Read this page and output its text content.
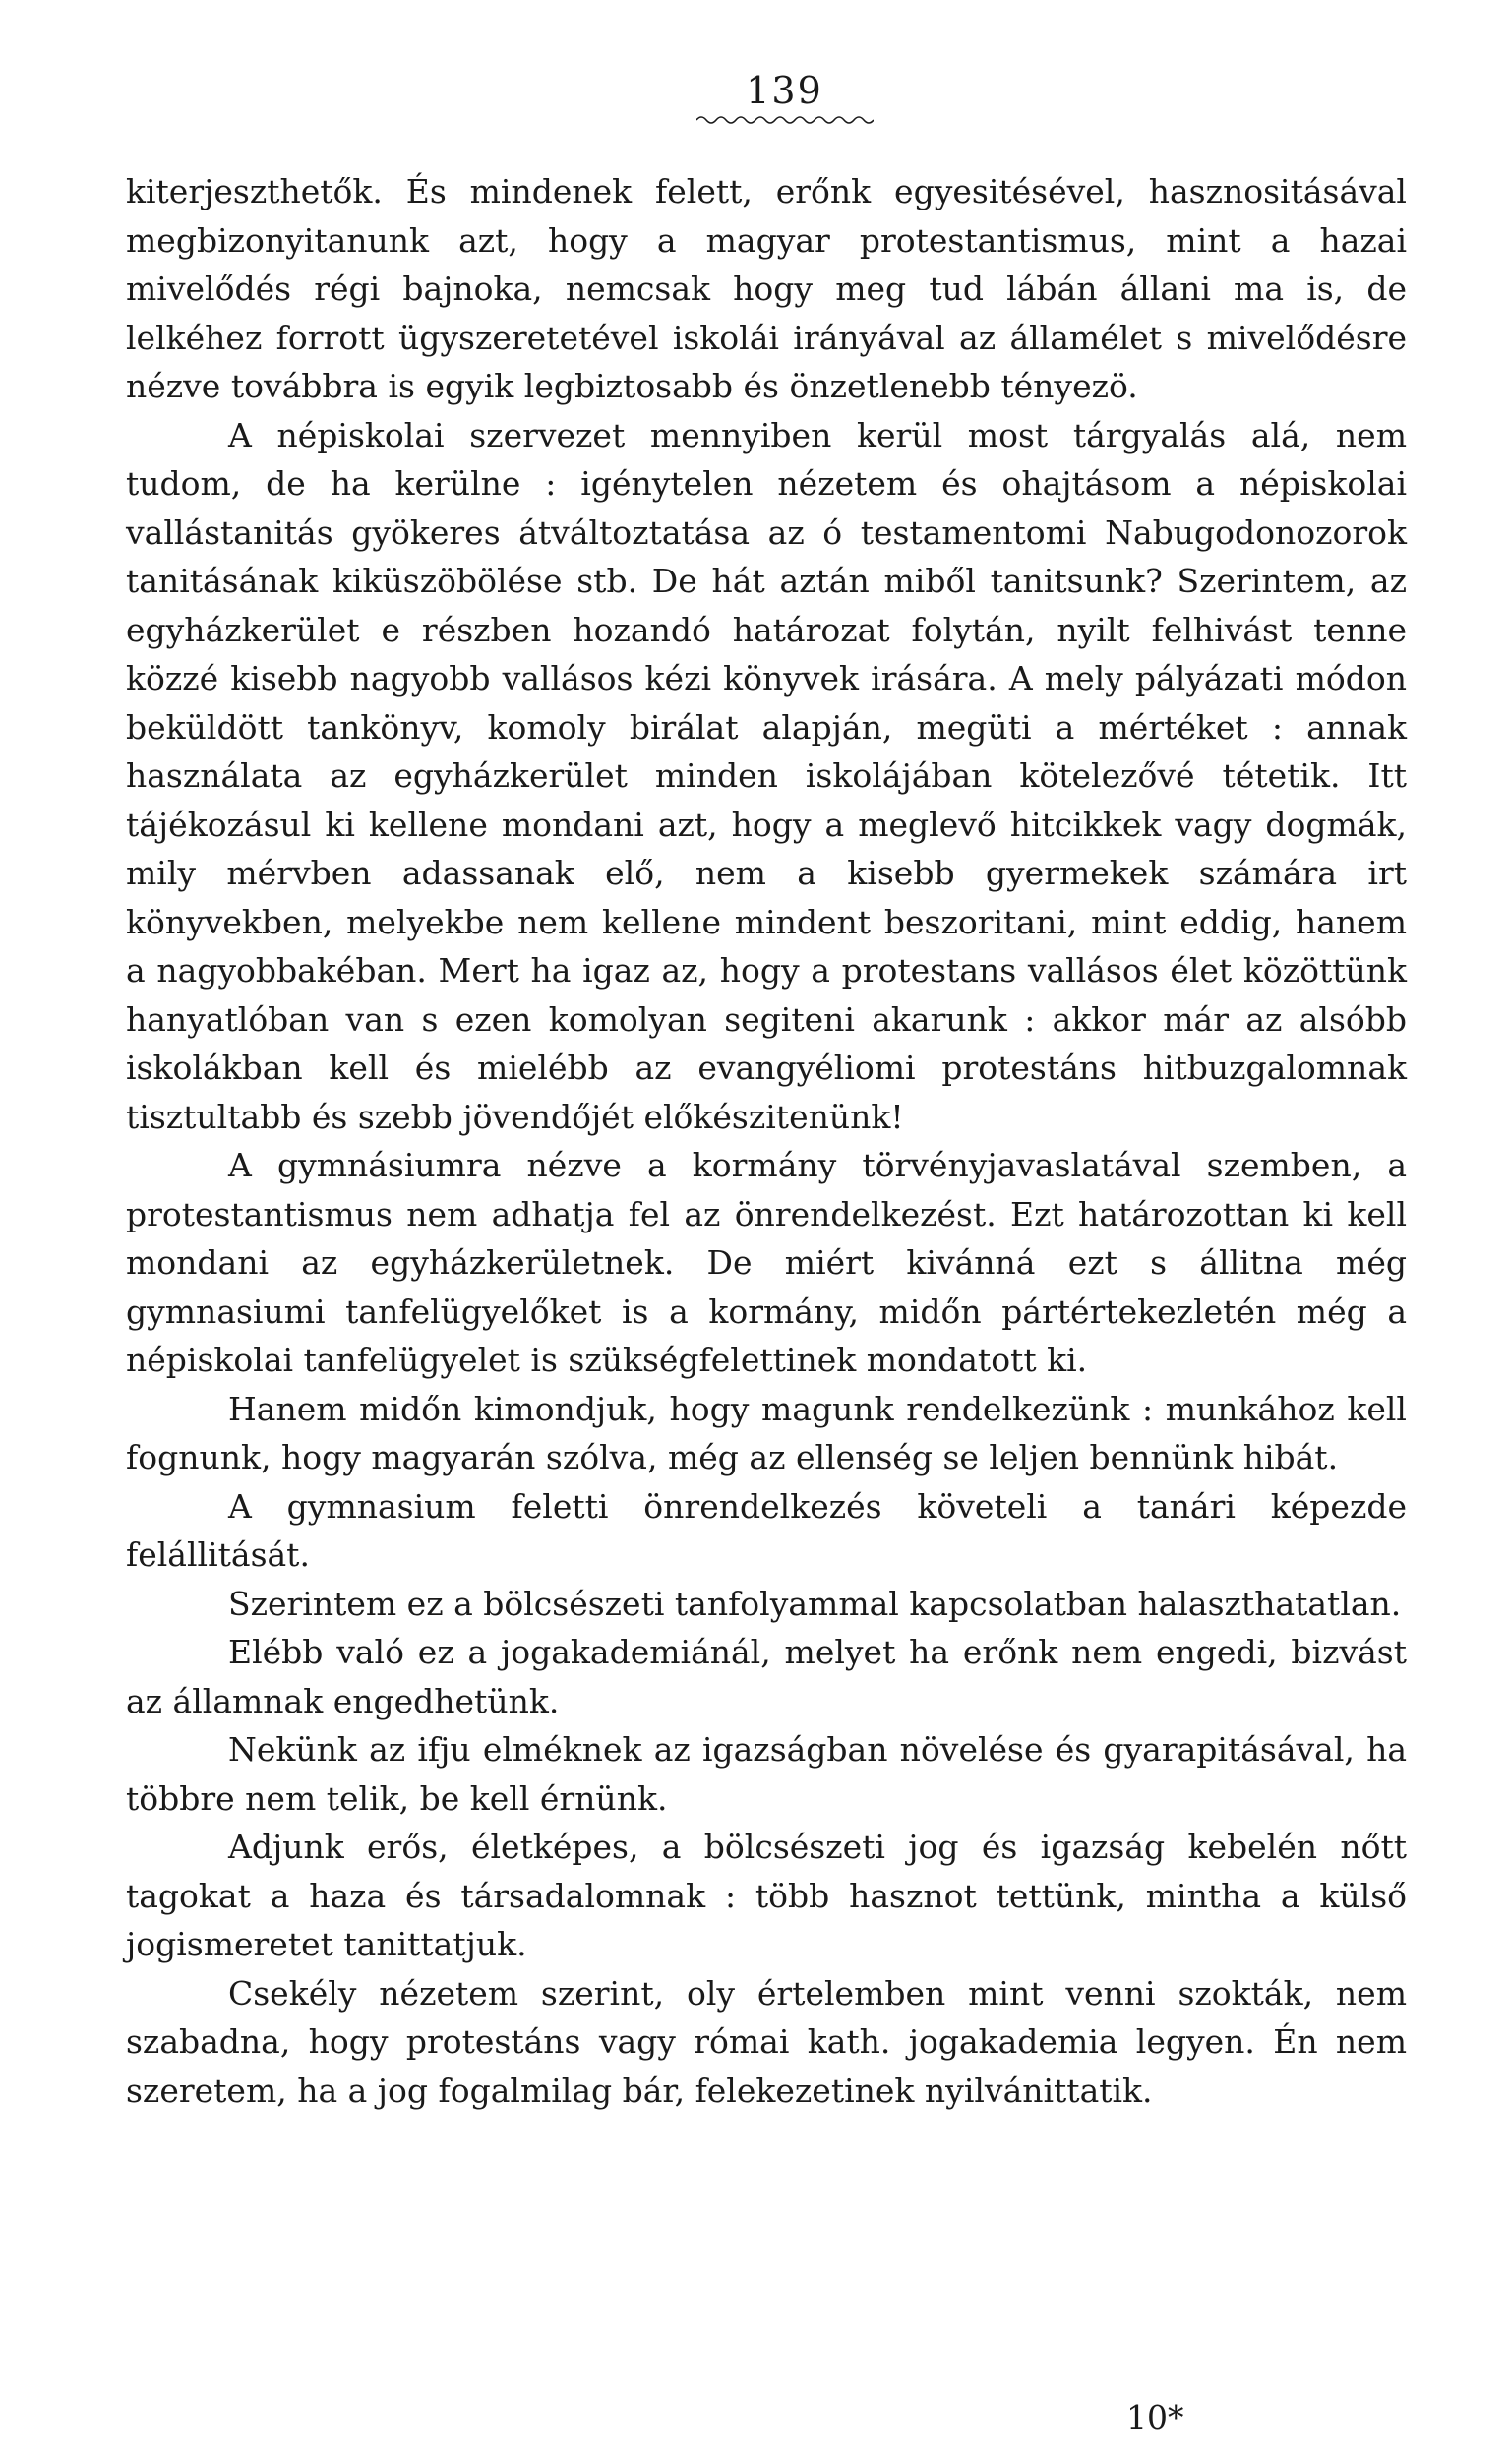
139

kiterjeszthetők. És mindenek felett, erőnk egyesitésével, hasznositásával megbizonyitanunk azt, hogy a magyar protestantismus, mint a hazai mivelődés régi bajnoka, nemcsak hogy meg tud lábán állani ma is, de lelkéhez forrott ügyszeretetével iskolái irányával az államélet s mivelődésre nézve továbbra is egyik legbiztosabb és önzetlenebb tényezö.

A népiskolai szervezet mennyiben kerül most tárgyalás alá, nem tudom, de ha kerülne : igénytelen nézetem és ohajtásom a népiskolai vallástanitás gyökeres átváltoztatása az ó testamentomi Nabugodonozorok tanitásának kiküszöbölése stb. De hát aztán miből tanitsunk? Szerintem, az egyházkerület e részben hozandó határozat folytán, nyilt felhivást tenne közzé kisebb nagyobb vallásos kézi könyvek irására. A mely pályázati módon beküldött tankönyv, komoly birálat alapján, megüti a mértéket : annak használata az egyházkerület minden iskolájában kötelezővé tétetik. Itt tájékozásul ki kellene mondani azt, hogy a meglevő hitcikkek vagy dogmák, mily mérvben adassanak elő, nem a kisebb gyermekek számára irt könyvekben, melyekbe nem kellene mindent beszoritani, mint eddig, hanem a nagyobbakéban. Mert ha igaz az, hogy a protestans vallásos élet közöttünk hanyatlóban van s ezen komolyan segiteni akarunk : akkor már az alsóbb iskolákban kell és mielébb az evangyéliomi protestáns hitbuzgalomnak tisztultabb és szebb jövendőjét előkészitenünk!

A gymnásiumra nézve a kormány törvényjavaslatával szemben, a protestantismus nem adhatja fel az önrendelkezést. Ezt határozottan ki kell mondani az egyházkerületnek. De miért kivánná ezt s állitna még gymnasiumi tanfelügyelőket is a kormány, midőn pártértekezletén még a népiskolai tanfelügyelet is szükségfelettinek mondatott ki.

Hanem midőn kimondjuk, hogy magunk rendelkezünk : munkához kell fognunk, hogy magyarán szólva, még az ellenség se leljen bennünk hibát.

A gymnasium feletti önrendelkezés követeli a tanári képezde felállitását.

Szerintem ez a bölcsészeti tanfolyammal kapcsolatban halaszthatatlan.

Elébb való ez a jogakademiánál, melyet ha erőnk nem engedi, bizvást az államnak engedhetünk.

Nekünk az ifju elméknek az igazságban növelése és gyarapitásával, ha többre nem telik, be kell érnünk.

Adjunk erős, életképes, a bölcsészeti jog és igazság kebelén nőtt tagokat a haza és társadalomnak : több hasznot tettünk, mintha a külső jogismeretet tanittatjuk.

Csekély nézetem szerint, oly értelemben mint venni szokták, nem szabadna, hogy protestáns vagy római kath. jogakademia legyen. Én nem szeretem, ha a jog fogalmilag bár, felekezetinek nyilvánittatik.

10*
